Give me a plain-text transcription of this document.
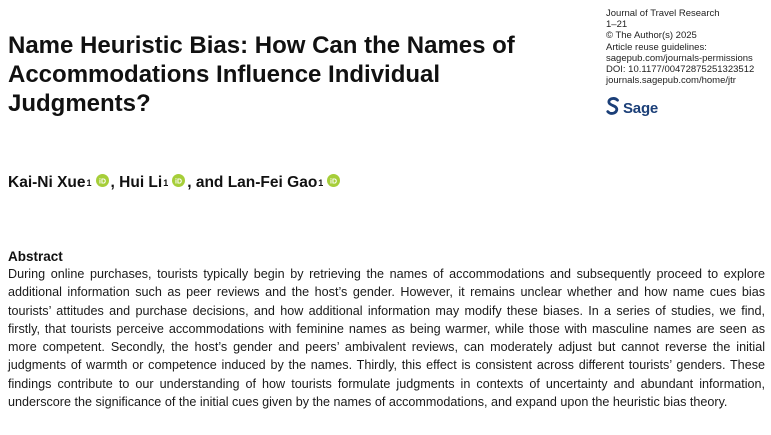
Name Heuristic Bias: How Can the Names of Accommodations Influence Individual Judgments?
Journal of Travel Research
1–21
© The Author(s) 2025
Article reuse guidelines:
sagepub.com/journals-permissions
DOI: 10.1177/00472875251323512
journals.sagepub.com/home/jtr
Sage
Kai-Ni Xue$^1$ iD , Hui Li$^1$ iD , and Lan-Fei Gao$^1$ iD
Abstract

During online purchases, tourists typically begin by retrieving the names of accommodations and subsequently proceed to explore additional information such as peer reviews and the host’s gender. However, it remains unclear whether and how name cues bias tourists’ attitudes and purchase decisions, and how additional information may modify these biases. In a series of studies, we find, firstly, that tourists perceive accommodations with feminine names as being warmer, while those with masculine names are seen as more competent. Secondly, the host’s gender and peers’ ambivalent reviews, can moderately adjust but cannot reverse the initial judgments of warmth or competence induced by the names. Thirdly, this effect is consistent across different tourists’ genders. These findings contribute to our understanding of how tourists formulate judgments in contexts of uncertainty and abundant information, underscore the significance of the initial cues given by the names of accommodations, and expand upon the heuristic bias theory.
